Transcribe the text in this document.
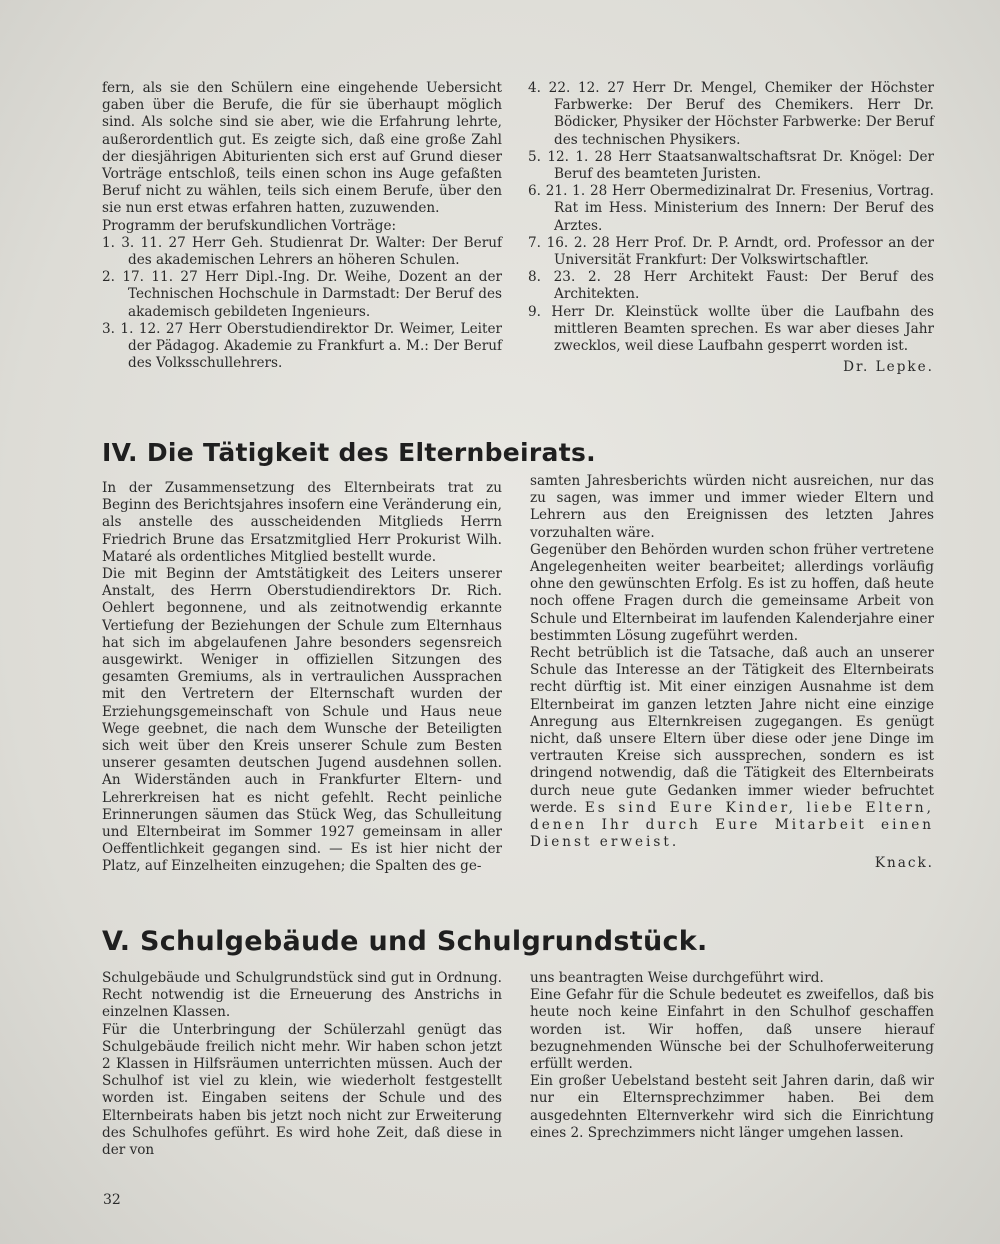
fern, als sie den Schülern eine eingehende Uebersicht gaben über die Berufe, die für sie überhaupt möglich sind. Als solche sind sie aber, wie die Erfahrung lehrte, außerordentlich gut. Es zeigte sich, daß eine große Zahl der diesjährigen Abiturienten sich erst auf Grund dieser Vorträge entschloß, teils einen schon ins Auge gefaßten Beruf nicht zu wählen, teils sich einem Berufe, über den sie nun erst etwas erfahren hatten, zuzuwenden.

Programm der berufskundlichen Vorträge:

1. 3. 11. 27 Herr Geh. Studienrat Dr. Walter: Der Beruf des akademischen Lehrers an höheren Schulen.

2. 17. 11. 27 Herr Dipl.-Ing. Dr. Weihe, Dozent an der Technischen Hochschule in Darmstadt: Der Beruf des akademisch gebildeten Ingenieurs.

3. 1. 12. 27 Herr Oberstudiendirektor Dr. Weimer, Leiter der Pädagog. Akademie zu Frankfurt a. M.: Der Beruf des Volksschullehrers.

4. 22. 12. 27 Herr Dr. Mengel, Chemiker der Höchster Farbwerke: Der Beruf des Chemikers. Herr Dr. Bödicker, Physiker der Höchster Farbwerke: Der Beruf des technischen Physikers.

5. 12. 1. 28 Herr Staatsanwaltschaftsrat Dr. Knögel: Der Beruf des beamteten Juristen.

6. 21. 1. 28 Herr Obermedizinalrat Dr. Fresenius, Vortrag. Rat im Hess. Ministerium des Innern: Der Beruf des Arztes.

7. 16. 2. 28 Herr Prof. Dr. P. Arndt, ord. Professor an der Universität Frankfurt: Der Volkswirtschaftler.

8. 23. 2. 28 Herr Architekt Faust: Der Beruf des Architekten.

9. Herr Dr. Kleinstück wollte über die Laufbahn des mittleren Beamten sprechen. Es war aber dieses Jahr zwecklos, weil diese Laufbahn gesperrt worden ist.

Dr. Lepke.

IV. Die Tätigkeit des Elternbeirats.

In der Zusammensetzung des Elternbeirats trat zu Beginn des Berichtsjahres insofern eine Veränderung ein, als anstelle des ausscheidenden Mitglieds Herrn Friedrich Brune das Ersatzmitglied Herr Prokurist Wilh. Mataré als ordentliches Mitglied bestellt wurde.

Die mit Beginn der Amtstätigkeit des Leiters unserer Anstalt, des Herrn Oberstudiendirektors Dr. Rich. Oehlert begonnene, und als zeitnotwendig erkannte Vertiefung der Beziehungen der Schule zum Elternhaus hat sich im abgelaufenen Jahre besonders segensreich ausgewirkt. Weniger in offiziellen Sitzungen des gesamten Gremiums, als in vertraulichen Aussprachen mit den Vertretern der Elternschaft wurden der Erziehungsgemeinschaft von Schule und Haus neue Wege geebnet, die nach dem Wunsche der Beteiligten sich weit über den Kreis unserer Schule zum Besten unserer gesamten deutschen Jugend ausdehnen sollen. An Widerständen auch in Frankfurter Eltern- und Lehrerkreisen hat es nicht gefehlt. Recht peinliche Erinnerungen säumen das Stück Weg, das Schulleitung und Elternbeirat im Sommer 1927 gemeinsam in aller Oeffentlichkeit gegangen sind. — Es ist hier nicht der Platz, auf Einzelheiten einzugehen; die Spalten des ge-

samten Jahresberichts würden nicht ausreichen, nur das zu sagen, was immer und immer wieder Eltern und Lehrern aus den Ereignissen des letzten Jahres vorzuhalten wäre.

Gegenüber den Behörden wurden schon früher vertretene Angelegenheiten weiter bearbeitet; allerdings vorläufig ohne den gewünschten Erfolg. Es ist zu hoffen, daß heute noch offene Fragen durch die gemeinsame Arbeit von Schule und Elternbeirat im laufenden Kalenderjahre einer bestimmten Lösung zugeführt werden.

Recht betrüblich ist die Tatsache, daß auch an unserer Schule das Interesse an der Tätigkeit des Elternbeirats recht dürftig ist. Mit einer einzigen Ausnahme ist dem Elternbeirat im ganzen letzten Jahre nicht eine einzige Anregung aus Elternkreisen zugegangen. Es genügt nicht, daß unsere Eltern über diese oder jene Dinge im vertrauten Kreise sich aussprechen, sondern es ist dringend notwendig, daß die Tätigkeit des Elternbeirats durch neue gute Gedanken immer wieder befruchtet werde. Es sind Eure Kinder, liebe Eltern, denen Ihr durch Eure Mitarbeit einen Dienst erweist.

Knack.

V. Schulgebäude und Schulgrundstück.

Schulgebäude und Schulgrundstück sind gut in Ordnung. Recht notwendig ist die Erneuerung des Anstrichs in einzelnen Klassen.

Für die Unterbringung der Schülerzahl genügt das Schulgebäude freilich nicht mehr. Wir haben schon jetzt 2 Klassen in Hilfsräumen unterrichten müssen. Auch der Schulhof ist viel zu klein, wie wiederholt festgestellt worden ist. Eingaben seitens der Schule und des Elternbeirats haben bis jetzt noch nicht zur Erweiterung des Schulhofes geführt. Es wird hohe Zeit, daß diese in der von

uns beantragten Weise durchgeführt wird.

Eine Gefahr für die Schule bedeutet es zweifellos, daß bis heute noch keine Einfahrt in den Schulhof geschaffen worden ist. Wir hoffen, daß unsere hierauf bezugnehmenden Wünsche bei der Schulhoferweiterung erfüllt werden.

Ein großer Uebelstand besteht seit Jahren darin, daß wir nur ein Elternsprechzimmer haben. Bei dem ausgedehnten Elternverkehr wird sich die Einrichtung eines 2. Sprechzimmers nicht länger umgehen lassen.

32
